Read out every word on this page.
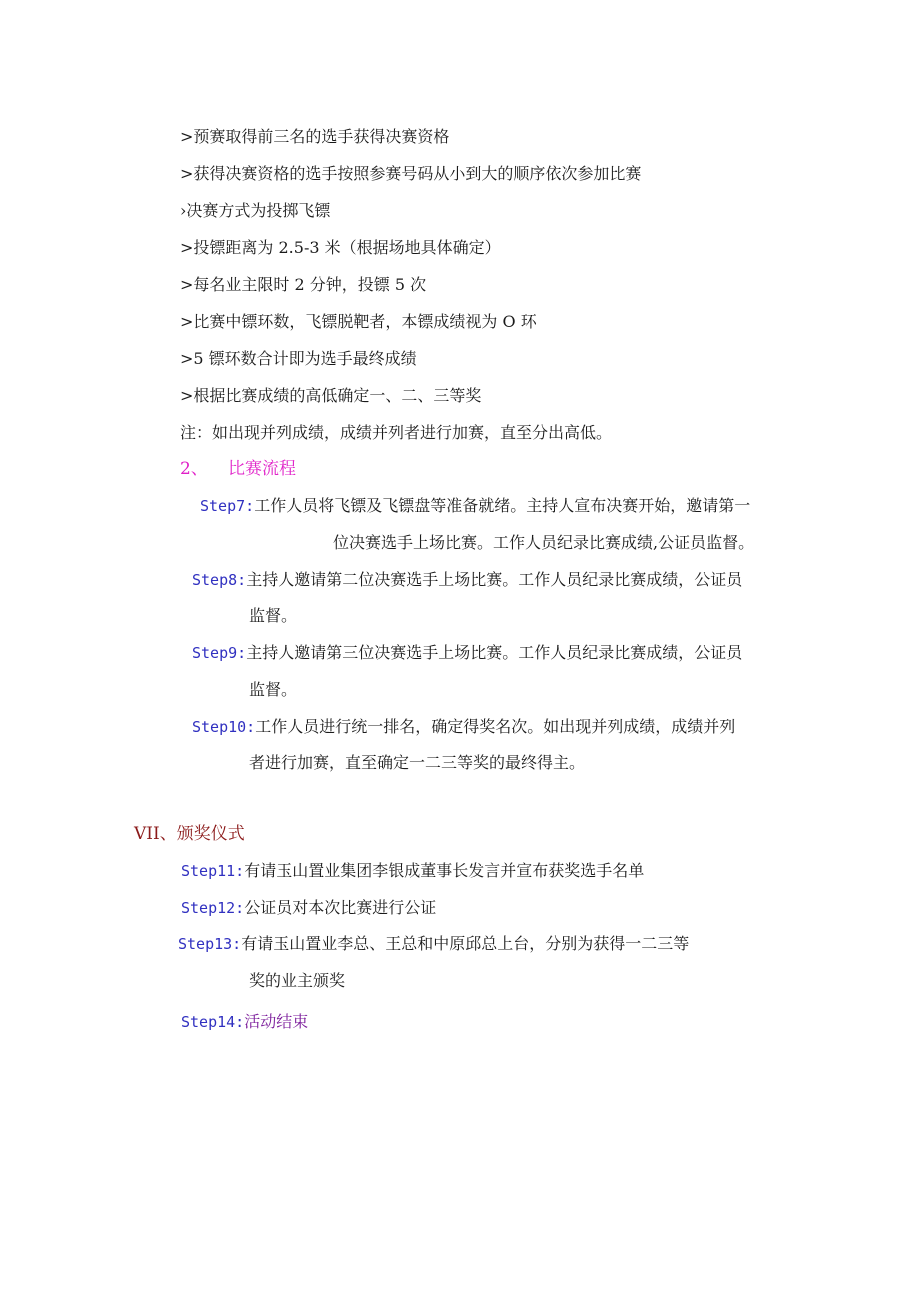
>预赛取得前三名的选手获得决赛资格
>获得决赛资格的选手按照参赛号码从小到大的顺序依次参加比赛
›决赛方式为投掷飞镖
>投镖距离为 2.5-3 米（根据场地具体确定）
>每名业主限时 2 分钟，投镖 5 次
>比赛中镖环数，飞镖脱靶者，本镖成绩视为 O 环
>5 镖环数合计即为选手最终成绩
>根据比赛成绩的高低确定一、二、三等奖
注：如出现并列成绩，成绩并列者进行加赛，直至分出高低。
2、 比赛流程
Step7:工作人员将飞镖及飞镖盘等准备就绪。主持人宣布决赛开始，邀请第一
位决赛选手上场比赛。工作人员纪录比赛成绩,公证员监督。
Step8:主持人邀请第二位决赛选手上场比赛。工作人员纪录比赛成绩，公证员
监督。
Step9:主持人邀请第三位决赛选手上场比赛。工作人员纪录比赛成绩，公证员
监督。
Step10:工作人员进行统一排名，确定得奖名次。如出现并列成绩，成绩并列
者进行加赛，直至确定一二三等奖的最终得主。
VII、颁奖仪式
Step11:有请玉山置业集团李银成董事长发言并宣布获奖选手名单
Step12:公证员对本次比赛进行公证
Step13:有请玉山置业李总、王总和中原邱总上台，分别为获得一二三等
奖的业主颁奖
Step14:活动结束
